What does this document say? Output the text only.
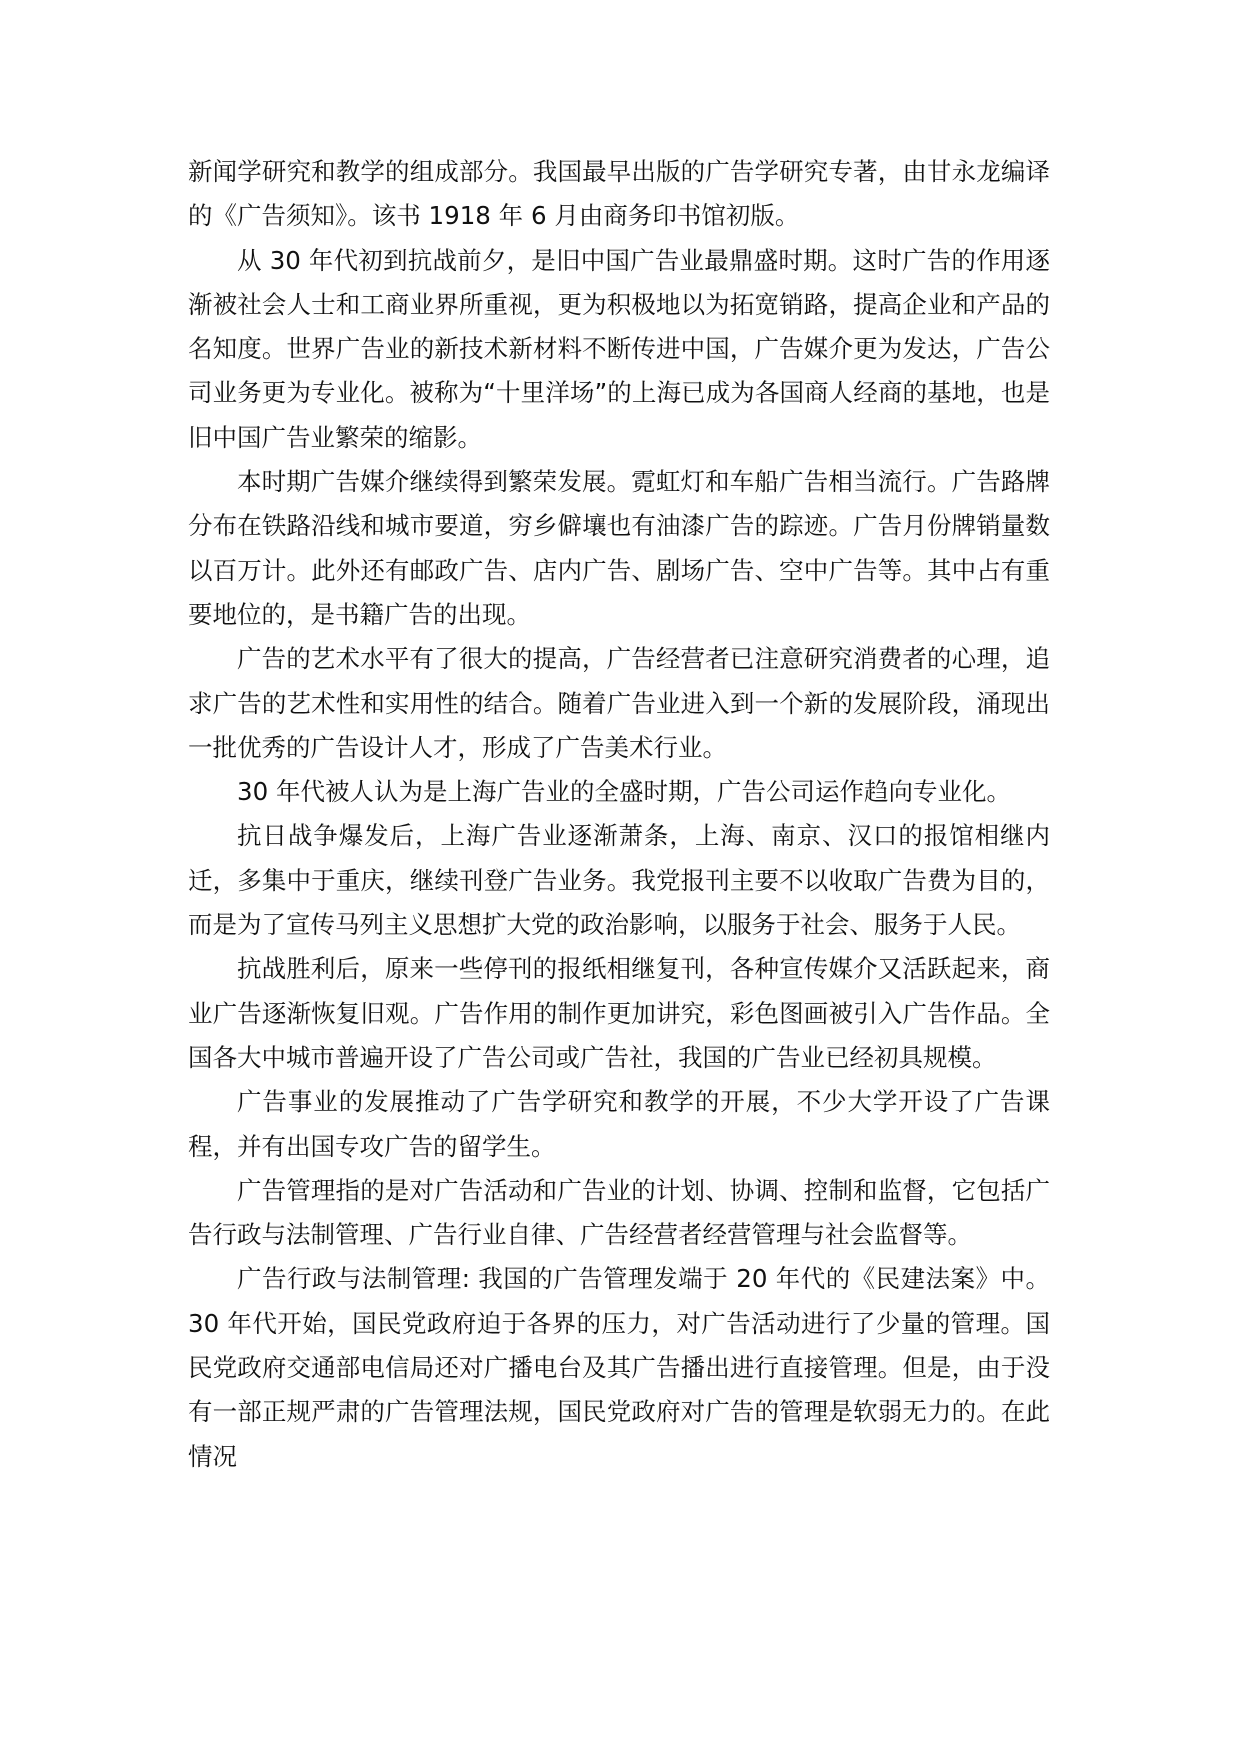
新闻学研究和教学的组成部分。我国最早出版的广告学研究专著，由甘永龙编译的《广告须知》。该书 1918 年 6 月由商务印书馆初版。

从 30 年代初到抗战前夕，是旧中国广告业最鼎盛时期。这时广告的作用逐渐被社会人士和工商业界所重视，更为积极地以为拓宽销路，提高企业和产品的名知度。世界广告业的新技术新材料不断传进中国，广告媒介更为发达，广告公司业务更为专业化。被称为“十里洋场”的上海已成为各国商人经商的基地，也是旧中国广告业繁荣的缩影。

本时期广告媒介继续得到繁荣发展。霓虹灯和车船广告相当流行。广告路牌分布在铁路沿线和城市要道，穷乡僻壤也有油漆广告的踪迹。广告月份牌销量数以百万计。此外还有邮政广告、店内广告、剧场广告、空中广告等。其中占有重要地位的，是书籍广告的出现。

广告的艺术水平有了很大的提高，广告经营者已注意研究消费者的心理，追求广告的艺术性和实用性的结合。随着广告业进入到一个新的发展阶段，涌现出一批优秀的广告设计人才，形成了广告美术行业。

30 年代被人认为是上海广告业的全盛时期，广告公司运作趋向专业化。

抗日战争爆发后，上海广告业逐渐萧条，上海、南京、汉口的报馆相继内迁，多集中于重庆，继续刊登广告业务。我党报刊主要不以收取广告费为目的，而是为了宣传马列主义思想扩大党的政治影响，以服务于社会、服务于人民。

抗战胜利后，原来一些停刊的报纸相继复刊，各种宣传媒介又活跃起来，商业广告逐渐恢复旧观。广告作用的制作更加讲究，彩色图画被引入广告作品。全国各大中城市普遍开设了广告公司或广告社，我国的广告业已经初具规模。

广告事业的发展推动了广告学研究和教学的开展，不少大学开设了广告课程，并有出国专攻广告的留学生。

广告管理指的是对广告活动和广告业的计划、协调、控制和监督，它包括广告行政与法制管理、广告行业自律、广告经营者经营管理与社会监督等。

广告行政与法制管理: 我国的广告管理发端于 20 年代的《民建法案》中。30 年代开始，国民党政府迫于各界的压力，对广告活动进行了少量的管理。国民党政府交通部电信局还对广播电台及其广告播出进行直接管理。但是，由于没有一部正规严肃的广告管理法规，国民党政府对广告的管理是软弱无力的。在此情况
